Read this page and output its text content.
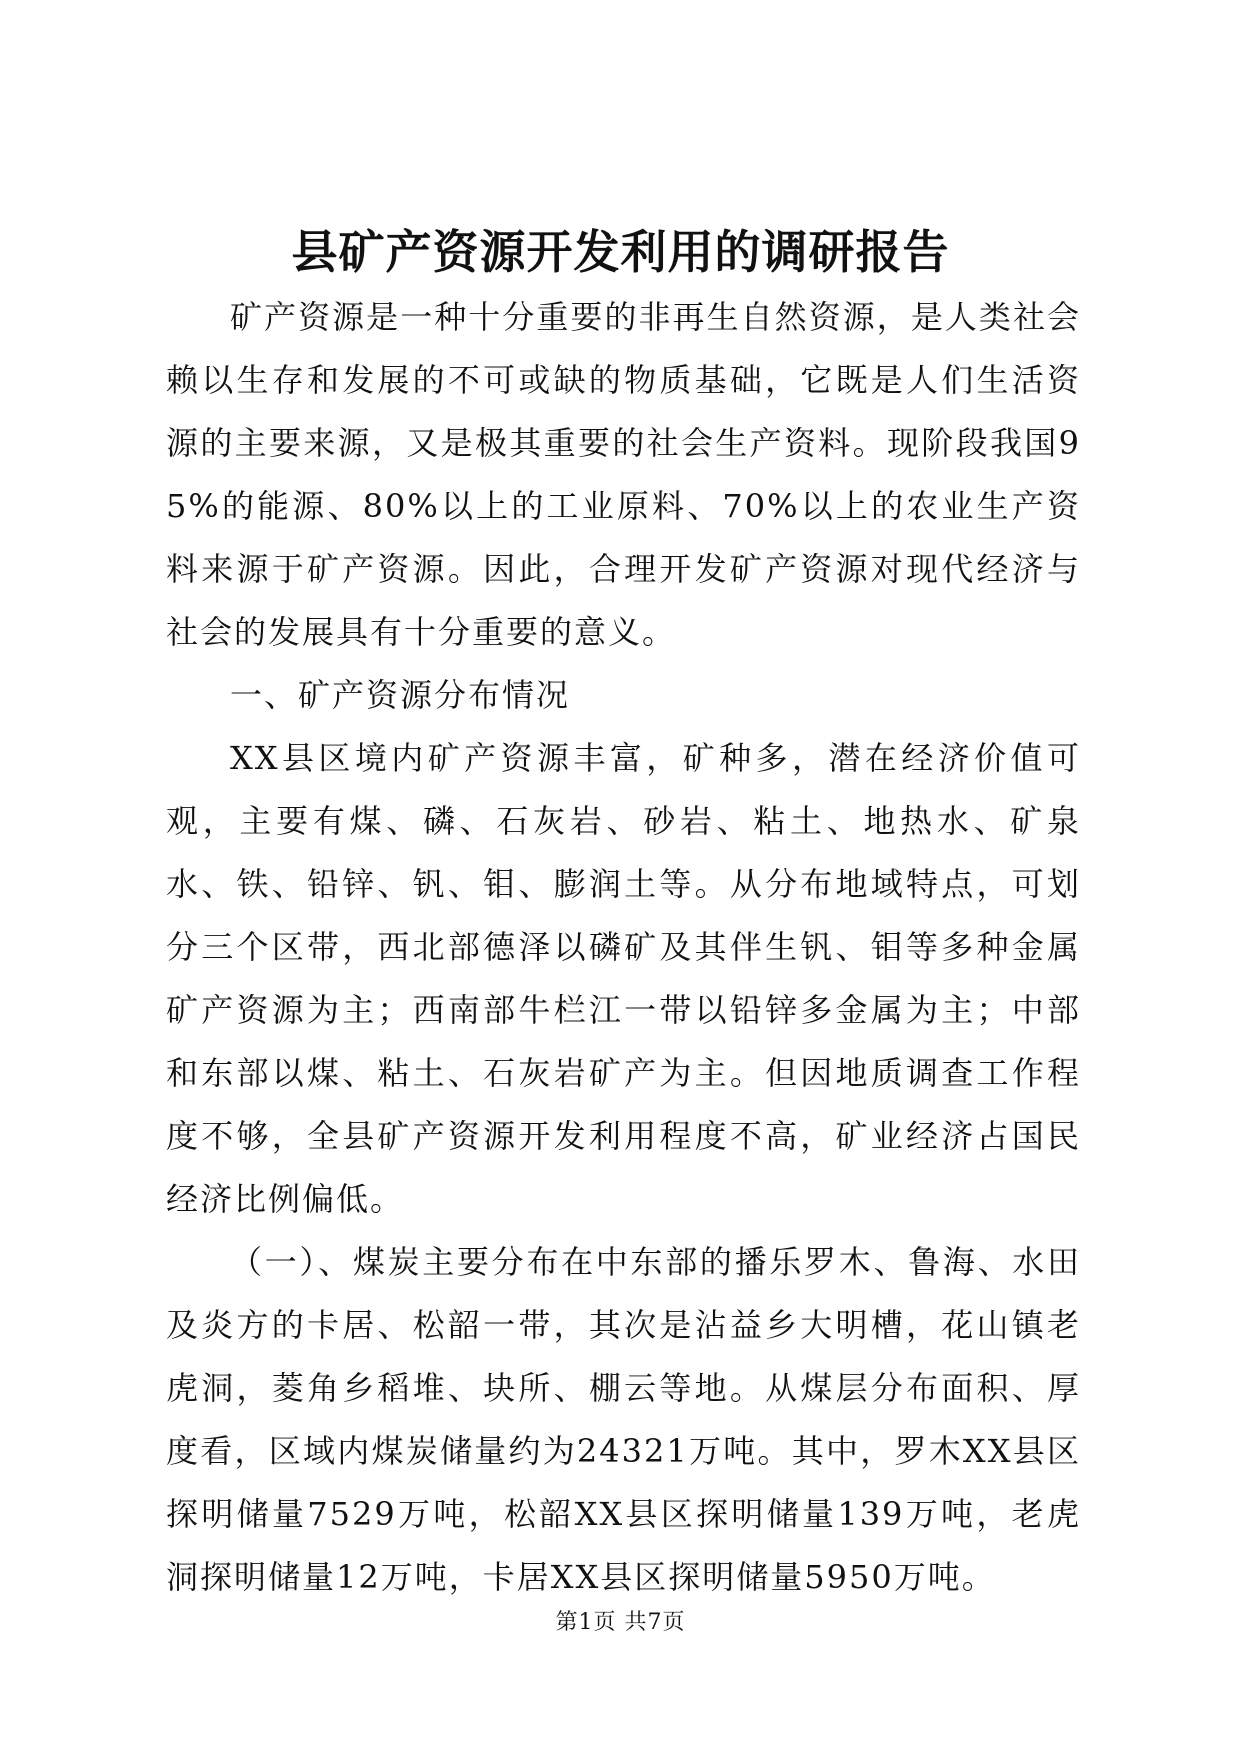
县矿产资源开发利用的调研报告

矿产资源是一种十分重要的非再生自然资源，是人类社会赖以生存和发展的不可或缺的物质基础，它既是人们生活资源的主要来源，又是极其重要的社会生产资料。现阶段我国95%的能源、80%以上的工业原料、70%以上的农业生产资料来源于矿产资源。因此，合理开发矿产资源对现代经济与社会的发展具有十分重要的意义。

一、矿产资源分布情况

XX县区境内矿产资源丰富，矿种多，潜在经济价值可观，主要有煤、磷、石灰岩、砂岩、粘土、地热水、矿泉水、铁、铅锌、钒、钼、膨润土等。从分布地域特点，可划分三个区带，西北部德泽以磷矿及其伴生钒、钼等多种金属矿产资源为主；西南部牛栏江一带以铅锌多金属为主；中部和东部以煤、粘土、石灰岩矿产为主。但因地质调查工作程度不够，全县矿产资源开发利用程度不高，矿业经济占国民经济比例偏低。

（一）、煤炭主要分布在中东部的播乐罗木、鲁海、水田及炎方的卡居、松韶一带，其次是沾益乡大明槽，花山镇老虎洞，菱角乡稻堆、块所、棚云等地。从煤层分布面积、厚度看，区域内煤炭储量约为24321万吨。其中，罗木XX县区探明储量7529万吨，松韶XX县区探明储量139万吨，老虎洞探明储量12万吨，卡居XX县区探明储量5950万吨。

第1页 共7页
